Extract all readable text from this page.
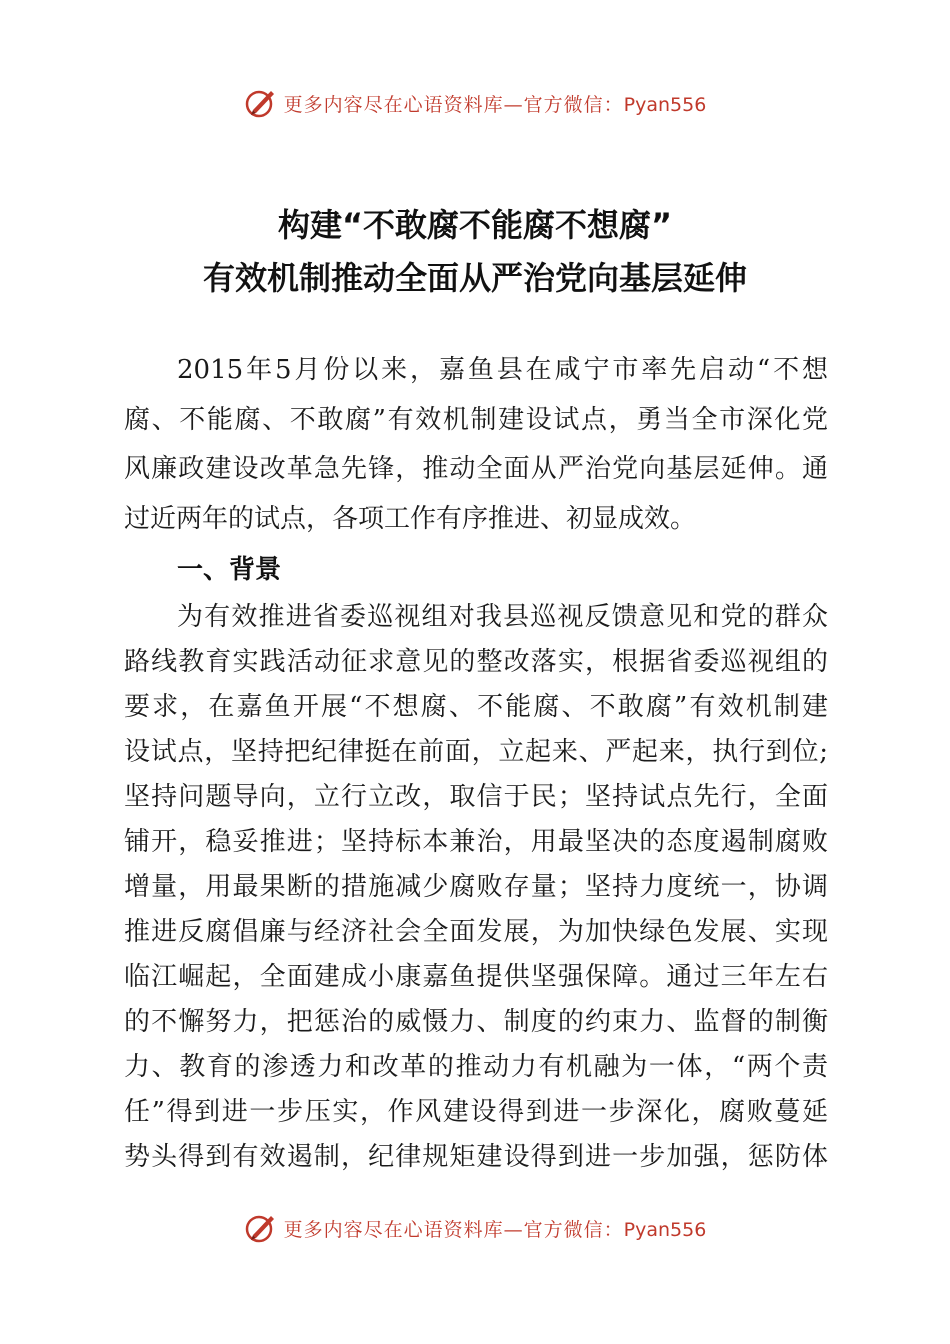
更多内容尽在心语资料库—官方微信：Pyan556
构建“不敢腐不能腐不想腐”
有效机制推动全面从严治党向基层延伸
2015年5月份以来，嘉鱼县在咸宁市率先启动“不想
腐、不能腐、不敢腐”有效机制建设试点，勇当全市深化党
风廉政建设改革急先锋，推动全面从严治党向基层延伸。通
过近两年的试点，各项工作有序推进、初显成效。
一、背景
为有效推进省委巡视组对我县巡视反馈意见和党的群众
路线教育实践活动征求意见的整改落实，根据省委巡视组的
要求，在嘉鱼开展“不想腐、不能腐、不敢腐”有效机制建
设试点，坚持把纪律挺在前面，立起来、严起来，执行到位;
坚持问题导向，立行立改，取信于民；坚持试点先行，全面
铺开，稳妥推进；坚持标本兼治，用最坚决的态度遏制腐败
增量，用最果断的措施减少腐败存量；坚持力度统一，协调
推进反腐倡廉与经济社会全面发展，为加快绿色发展、实现
临江崛起，全面建成小康嘉鱼提供坚强保障。通过三年左右
的不懈努力，把惩治的威慑力、制度的约束力、监督的制衡
力、教育的渗透力和改革的推动力有机融为一体，“两个责
任”得到进一步压实，作风建设得到进一步深化，腐败蔓延
势头得到有效遏制，纪律规矩建设得到进一步加强，惩防体
更多内容尽在心语资料库—官方微信：Pyan556
